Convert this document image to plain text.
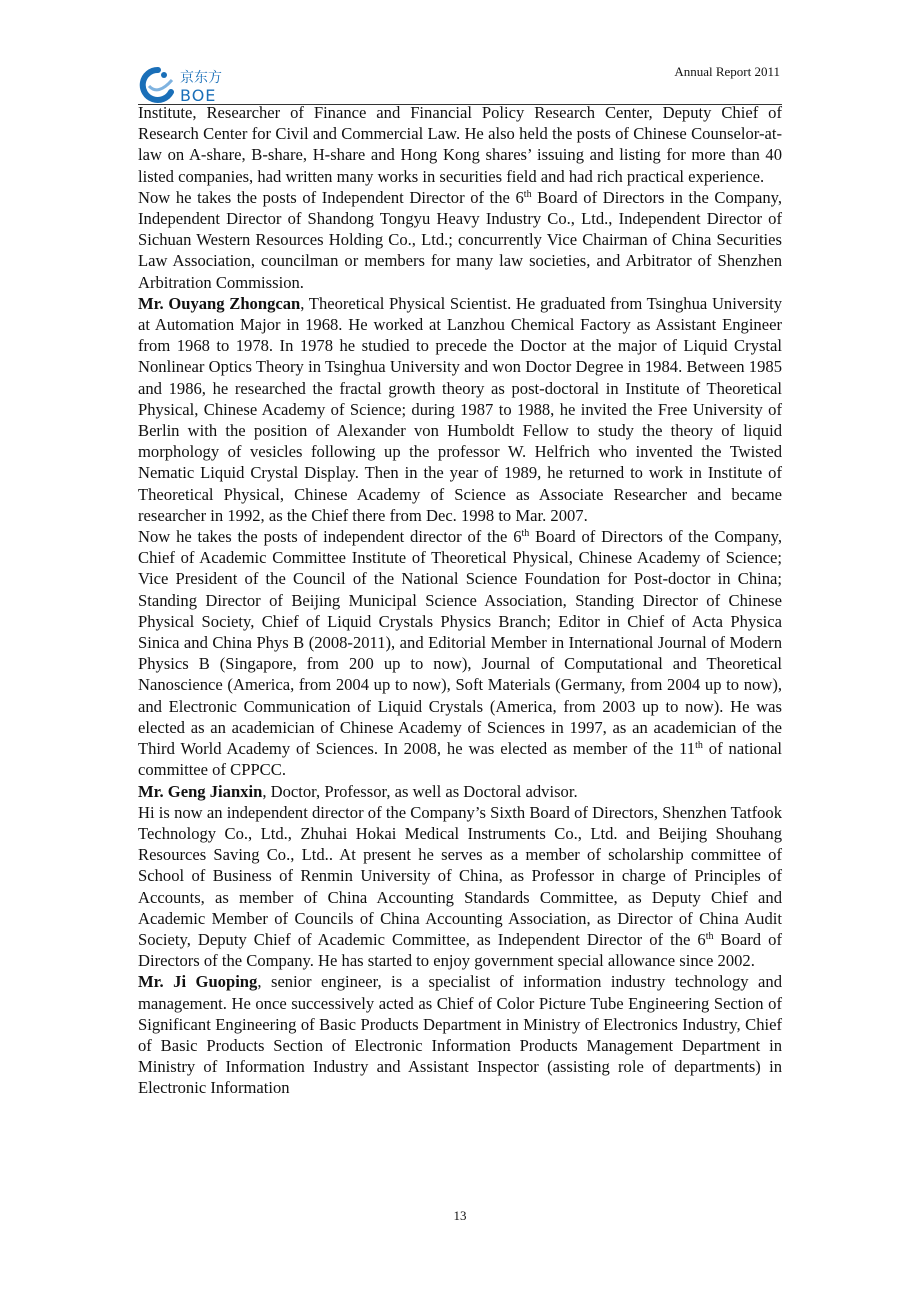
京东方
BOE
Annual Report 2011

Institute, Researcher of Finance and Financial Policy Research Center, Deputy Chief of Research Center for Civil and Commercial Law. He also held the posts of Chinese Counselor-at-law on A-share, B-share, H-share and Hong Kong shares’ issuing and listing for more than 40 listed companies, had written many works in securities field and had rich practical experience.

Now he takes the posts of Independent Director of the 6th Board of Directors in the Company, Independent Director of Shandong Tongyu Heavy Industry Co., Ltd., Independent Director of Sichuan Western Resources Holding Co., Ltd.; concurrently Vice Chairman of China Securities Law Association, councilman or members for many law societies, and Arbitrator of Shenzhen Arbitration Commission.

Mr. Ouyang Zhongcan, Theoretical Physical Scientist. He graduated from Tsinghua University at Automation Major in 1968. He worked at Lanzhou Chemical Factory as Assistant Engineer from 1968 to 1978. In 1978 he studied to precede the Doctor at the major of Liquid Crystal Nonlinear Optics Theory in Tsinghua University and won Doctor Degree in 1984. Between 1985 and 1986, he researched the fractal growth theory as post-doctoral in Institute of Theoretical Physical, Chinese Academy of Science; during 1987 to 1988, he invited the Free University of Berlin with the position of Alexander von Humboldt Fellow to study the theory of liquid morphology of vesicles following up the professor W. Helfrich who invented the Twisted Nematic Liquid Crystal Display. Then in the year of 1989, he returned to work in Institute of Theoretical Physical, Chinese Academy of Science as Associate Researcher and became researcher in 1992, as the Chief there from Dec. 1998 to Mar. 2007.

Now he takes the posts of independent director of the 6th Board of Directors of the Company, Chief of Academic Committee Institute of Theoretical Physical, Chinese Academy of Science; Vice President of the Council of the National Science Foundation for Post-doctor in China; Standing Director of Beijing Municipal Science Association, Standing Director of Chinese Physical Society, Chief of Liquid Crystals Physics Branch; Editor in Chief of Acta Physica Sinica and China Phys B (2008-2011), and Editorial Member in International Journal of Modern Physics B (Singapore, from 200 up to now), Journal of Computational and Theoretical Nanoscience (America, from 2004 up to now), Soft Materials (Germany, from 2004 up to now), and Electronic Communication of Liquid Crystals (America, from 2003 up to now). He was elected as an academician of Chinese Academy of Sciences in 1997, as an academician of the Third World Academy of Sciences. In 2008, he was elected as member of the 11th of national committee of CPPCC.

Mr. Geng Jianxin, Doctor, Professor, as well as Doctoral advisor.

Hi is now an independent director of the Company’s Sixth Board of Directors, Shenzhen Tatfook Technology Co., Ltd., Zhuhai Hokai Medical Instruments Co., Ltd. and Beijing Shouhang Resources Saving Co., Ltd.. At present he serves as a member of scholarship committee of School of Business of Renmin University of China, as Professor in charge of Principles of Accounts, as member of China Accounting Standards Committee, as Deputy Chief and Academic Member of Councils of China Accounting Association, as Director of China Audit Society, Deputy Chief of Academic Committee, as Independent Director of the 6th Board of Directors of the Company. He has started to enjoy government special allowance since 2002.

Mr. Ji Guoping, senior engineer, is a specialist of information industry technology and management. He once successively acted as Chief of Color Picture Tube Engineering Section of Significant Engineering of Basic Products Department in Ministry of Electronics Industry, Chief of Basic Products Section of Electronic Information Products Management Department in Ministry of Information Industry and Assistant Inspector (assisting role of departments) in Electronic Information

13
